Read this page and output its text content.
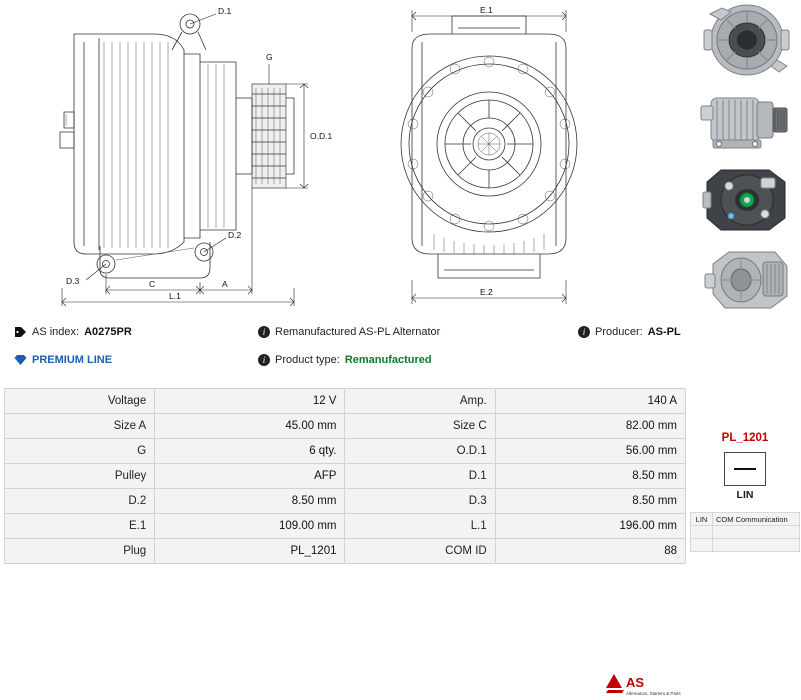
D.1
G
O.D.1
D.2
D.3	C	A
L.1
E.1
E.2
AS index: A0275PR	i Remanufactured AS-PL Alternator	i Producer: AS-PL
PREMIUM LINE	i Product type: Remanufactured
AS
Alternators, Starters & Parts
Voltage	12 V	Amp.	140 A
Size A	45.00 mm	Size C	82.00 mm
G	6 qty.	O.D.1	56.00 mm
Pulley	AFP	D.1	8.50 mm
D.2	8.50 mm	D.3	8.50 mm
E.1	109.00 mm	L.1	196.00 mm
Plug	PL_1201	COM ID	88
PL_1201
LIN
LIN	COM Communication
